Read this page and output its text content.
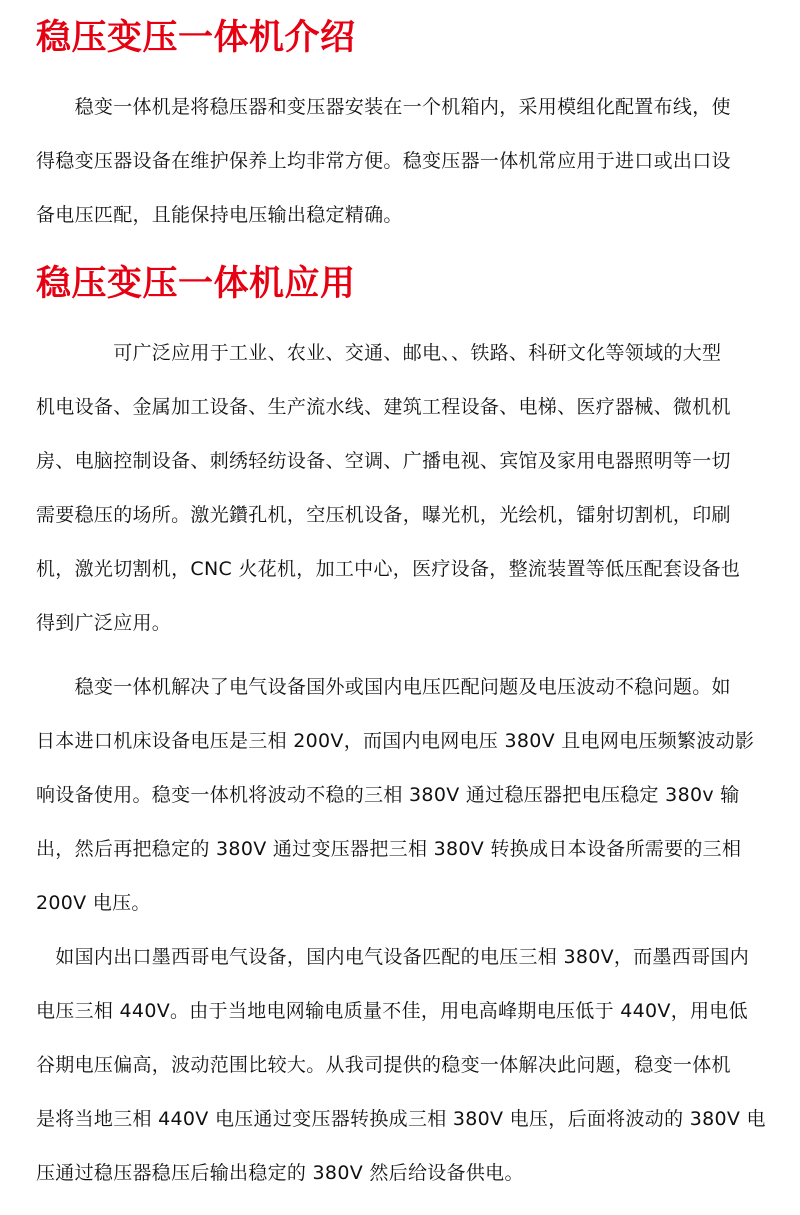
稳压变压一体机介绍

　　稳变一体机是将稳压器和变压器安装在一个机箱内，采用模组化配置布线，使
得稳变压器设备在维护保养上均非常方便。稳变压器一体机常应用于进口或出口设
备电压匹配，且能保持电压输出稳定精确。

稳压变压一体机应用

　　　　可广泛应用于工业、农业、交通、邮电、、铁路、科研文化等领域的大型
机电设备、金属加工设备、生产流水线、建筑工程设备、电梯、医疗器械、微机机
房、电脑控制设备、刺绣轻纺设备、空调、广播电视、宾馆及家用电器照明等一切
需要稳压的场所。激光鑽孔机，空压机设备，曝光机，光绘机，镭射切割机，印刷
机，激光切割机，CNC 火花机，加工中心，医疗设备，整流装置等低压配套设备也
得到广泛应用。

　　稳变一体机解决了电气设备国外或国内电压匹配问题及电压波动不稳问题。如
日本进口机床设备电压是三相 200V，而国内电网电压 380V 且电网电压频繁波动影
响设备使用。稳变一体机将波动不稳的三相 380V 通过稳压器把电压稳定 380v 输
出，然后再把稳定的 380V 通过变压器把三相 380V 转换成日本设备所需要的三相
200V 电压。

　如国内出口墨西哥电气设备，国内电气设备匹配的电压三相 380V，而墨西哥国内
电压三相 440V。由于当地电网输电质量不佳，用电高峰期电压低于 440V，用电低
谷期电压偏高，波动范围比较大。从我司提供的稳变一体解决此问题，稳变一体机
是将当地三相 440V 电压通过变压器转换成三相 380V 电压，后面将波动的 380V 电
压通过稳压器稳压后输出稳定的 380V 然后给设备供电。
